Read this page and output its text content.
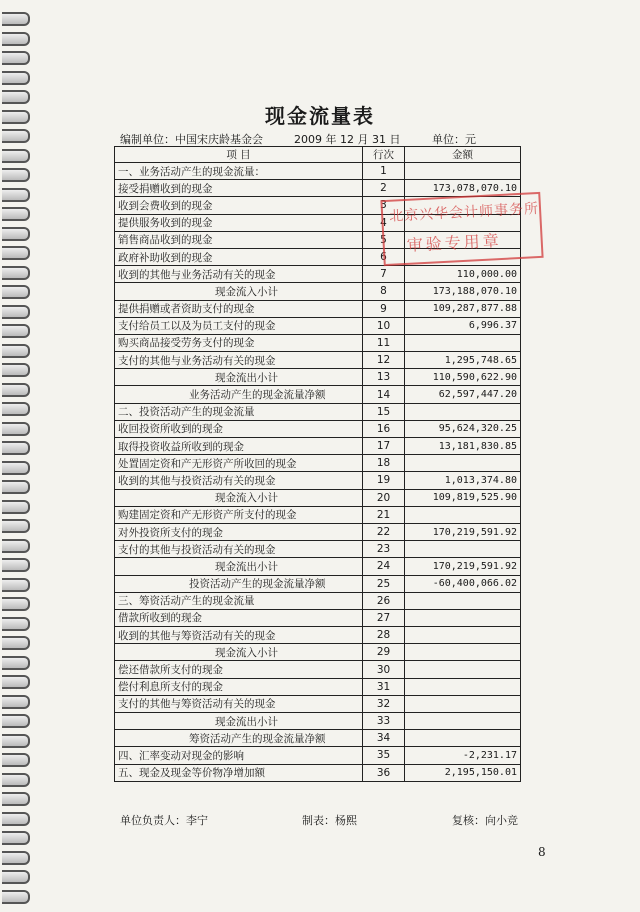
现金流量表
编制单位：中国宋庆龄基金会	2009 年 12 月 31 日	单位：元
项 目	行次	金额
一、业务活动产生的现金流量：	1	
接受捐赠收到的现金	2	173,078,070.10
收到会费收到的现金	3	
提供服务收到的现金	4	
销售商品收到的现金	5	
政府补助收到的现金	6	
收到的其他与业务活动有关的现金	7	110,000.00
现金流入小计	8	173,188,070.10
提供捐赠或者资助支付的现金	9	109,287,877.88
支付给员工以及为员工支付的现金	10	6,996.37
购买商品接受劳务支付的现金	11	
支付的其他与业务活动有关的现金	12	1,295,748.65
现金流出小计	13	110,590,622.90
业务活动产生的现金流量净额	14	62,597,447.20
二、投资活动产生的现金流量	15	
收回投资所收到的现金	16	95,624,320.25
取得投资收益所收到的现金	17	13,181,830.85
处置固定资和产无形资产所收回的现金	18	
收到的其他与投资活动有关的现金	19	1,013,374.80
现金流入小计	20	109,819,525.90
购建固定资和产无形资产所支付的现金	21	
对外投资所支付的现金	22	170,219,591.92
支付的其他与投资活动有关的现金	23	
现金流出小计	24	170,219,591.92
投资活动产生的现金流量净额	25	-60,400,066.02
三、筹资活动产生的现金流量	26	
借款所收到的现金	27	
收到的其他与筹资活动有关的现金	28	
现金流入小计	29	
偿还借款所支付的现金	30	
偿付利息所支付的现金	31	
支付的其他与筹资活动有关的现金	32	
现金流出小计	33	
筹资活动产生的现金流量净额	34	
四、汇率变动对现金的影响	35	-2,231.17
五、现金及现金等价物净增加额	36	2,195,150.01
北京兴华会计师事务所
审验专用章
单位负责人：李宁	制表：杨熙	复核：向小竞
8
